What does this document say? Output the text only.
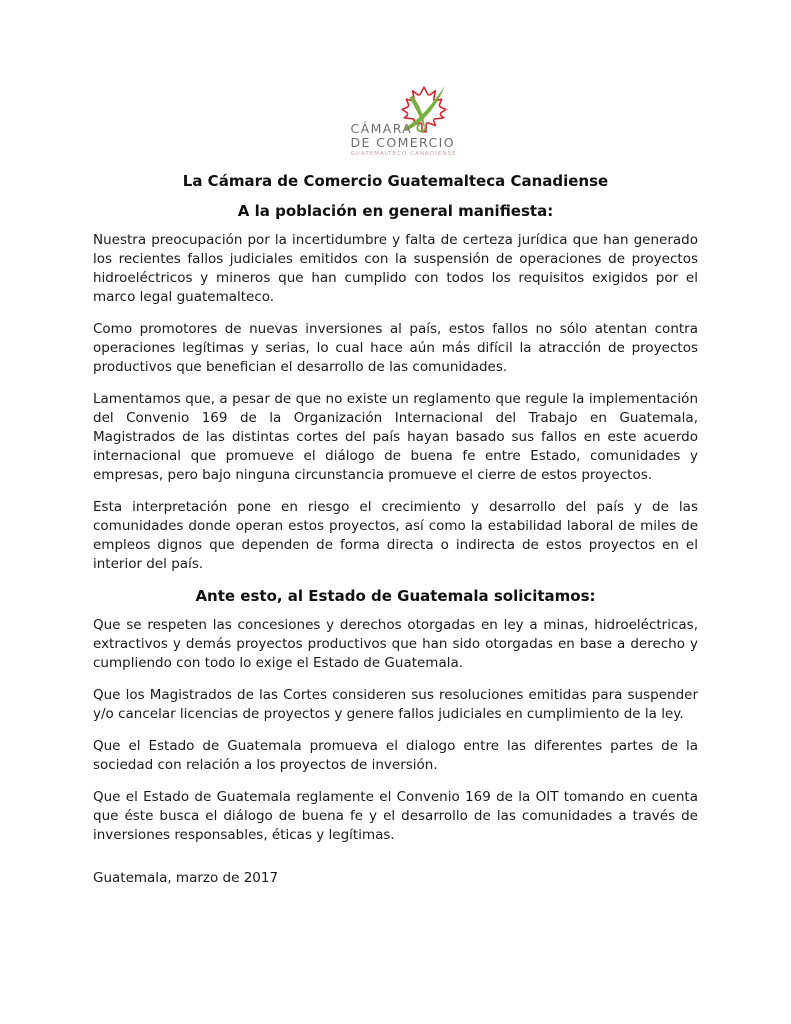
CÁMARA
DE COMERCIO
GUATEMALTECO CANADIENSE
La Cámara de Comercio Guatemalteca Canadiense
A la población en general manifiesta:

Nuestra preocupación por la incertidumbre y falta de certeza jurídica que han generado los recientes fallos judiciales emitidos con la suspensión de operaciones de proyectos hidroeléctricos y mineros que han cumplido con todos los requisitos exigidos por el marco legal guatemalteco.

Como promotores de nuevas inversiones al país, estos fallos no sólo atentan contra operaciones legítimas y serias, lo cual hace aún más difícil la atracción de proyectos productivos que benefician el desarrollo de las comunidades.

Lamentamos que, a pesar de que no existe un reglamento que regule la implementación del Convenio 169 de la Organización Internacional del Trabajo en Guatemala, Magistrados de las distintas cortes del país hayan basado sus fallos en este acuerdo internacional que promueve el diálogo de buena fe entre Estado, comunidades y empresas, pero bajo ninguna circunstancia promueve el cierre de estos proyectos.

Esta interpretación pone en riesgo el crecimiento y desarrollo del país y de las comunidades donde operan estos proyectos, así como la estabilidad laboral de miles de empleos dignos que dependen de forma directa o indirecta de estos proyectos en el interior del país.

Ante esto, al Estado de Guatemala solicitamos:

Que se respeten las concesiones y derechos otorgadas en ley a minas, hidroeléctricas, extractivos y demás proyectos productivos que han sido otorgadas en base a derecho y cumpliendo con todo lo exige el Estado de Guatemala.

Que los Magistrados de las Cortes consideren sus resoluciones emitidas para suspender y/o cancelar licencias de proyectos y genere fallos judiciales en cumplimiento de la ley.

Que el Estado de Guatemala promueva el dialogo entre las diferentes partes de la sociedad con relación a los proyectos de inversión.

Que el Estado de Guatemala reglamente el Convenio 169 de la OIT tomando en cuenta que éste busca el diálogo de buena fe y el desarrollo de las comunidades a través de inversiones responsables, éticas y legítimas.

Guatemala, marzo de 2017
